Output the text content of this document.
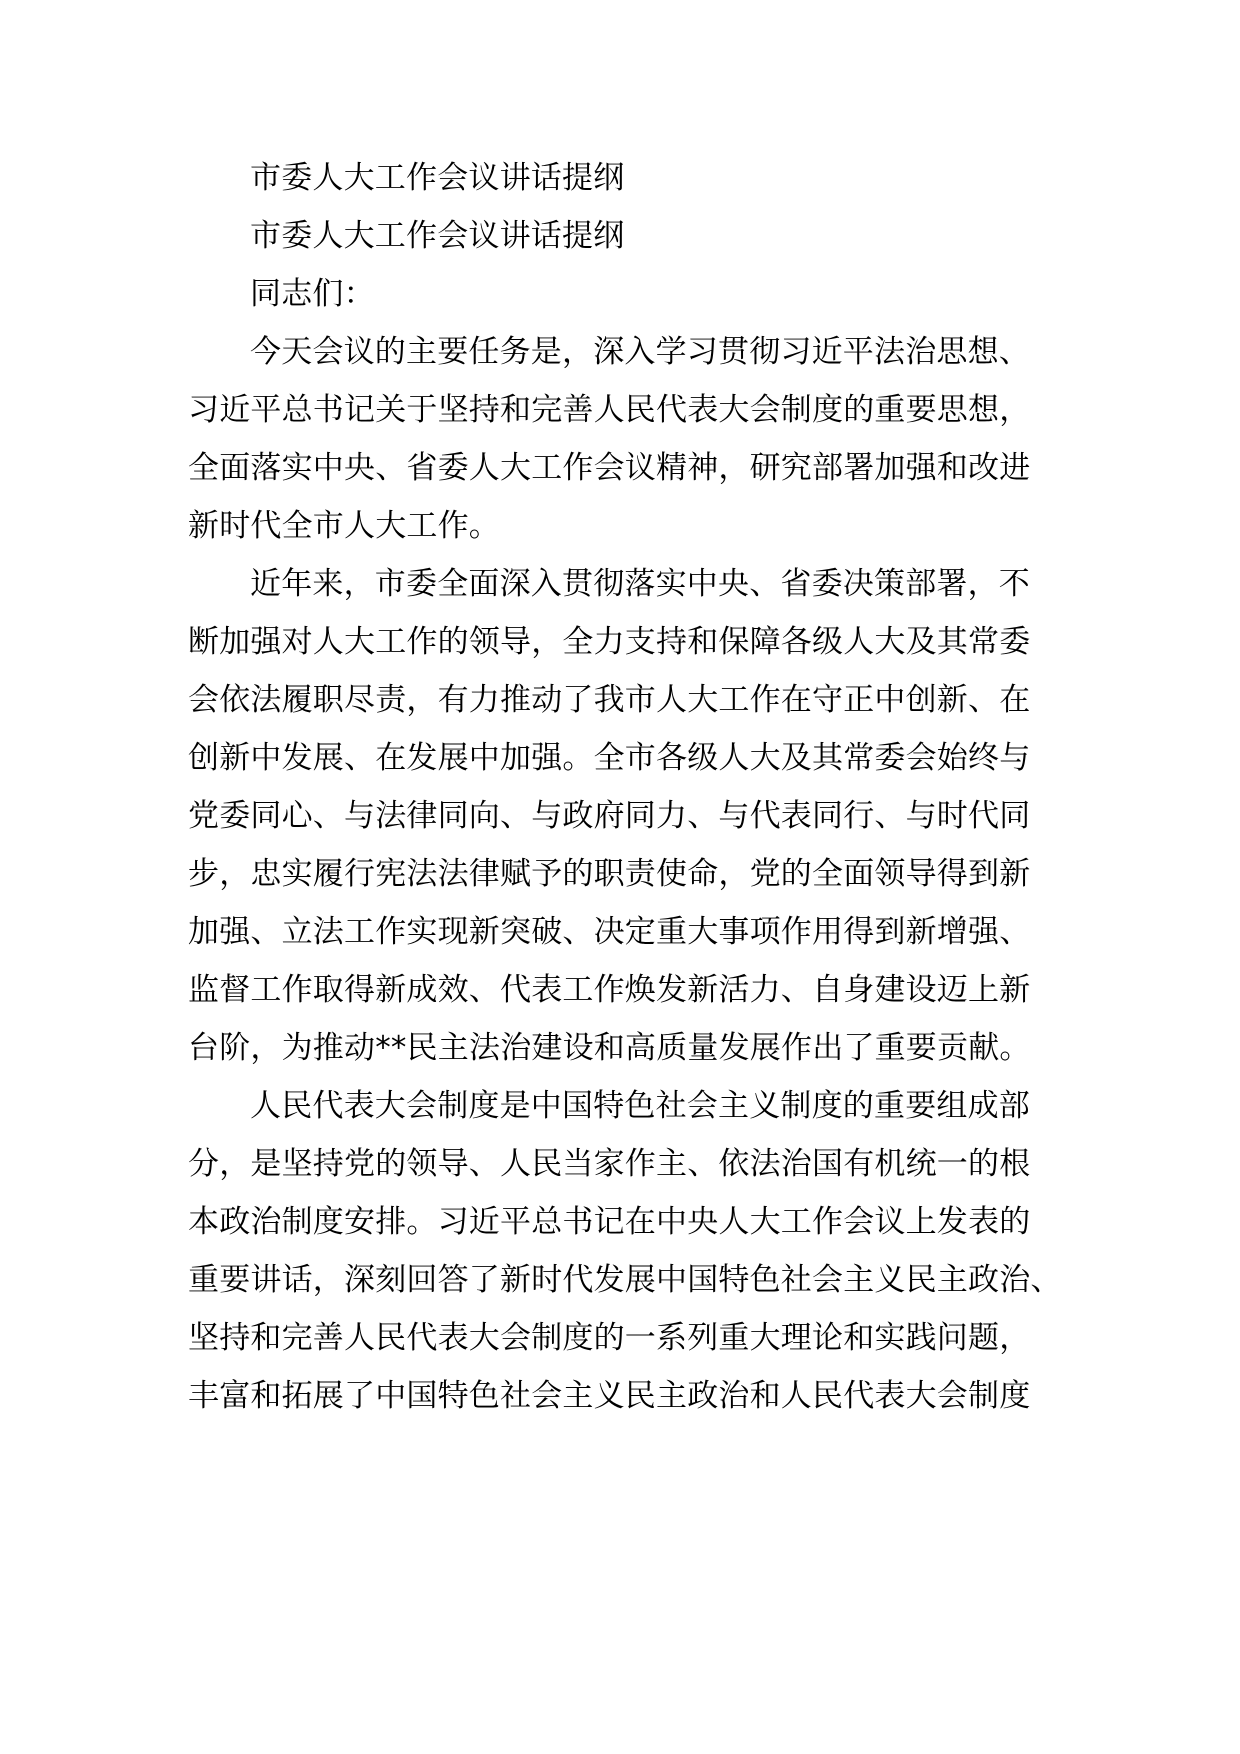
市委人大工作会议讲话提纲
市委人大工作会议讲话提纲
同志们：
今天会议的主要任务是，深入学习贯彻习近平法治思想、
习近平总书记关于坚持和完善人民代表大会制度的重要思想，
全面落实中央、省委人大工作会议精神，研究部署加强和改进
新时代全市人大工作。
近年来，市委全面深入贯彻落实中央、省委决策部署，不
断加强对人大工作的领导，全力支持和保障各级人大及其常委
会依法履职尽责，有力推动了我市人大工作在守正中创新、在
创新中发展、在发展中加强。全市各级人大及其常委会始终与
党委同心、与法律同向、与政府同力、与代表同行、与时代同
步，忠实履行宪法法律赋予的职责使命，党的全面领导得到新
加强、立法工作实现新突破、决定重大事项作用得到新增强、
监督工作取得新成效、代表工作焕发新活力、自身建设迈上新
台阶，为推动**民主法治建设和高质量发展作出了重要贡献。
人民代表大会制度是中国特色社会主义制度的重要组成部
分，是坚持党的领导、人民当家作主、依法治国有机统一的根
本政治制度安排。习近平总书记在中央人大工作会议上发表的
重要讲话，深刻回答了新时代发展中国特色社会主义民主政治、
坚持和完善人民代表大会制度的一系列重大理论和实践问题，
丰富和拓展了中国特色社会主义民主政治和人民代表大会制度
